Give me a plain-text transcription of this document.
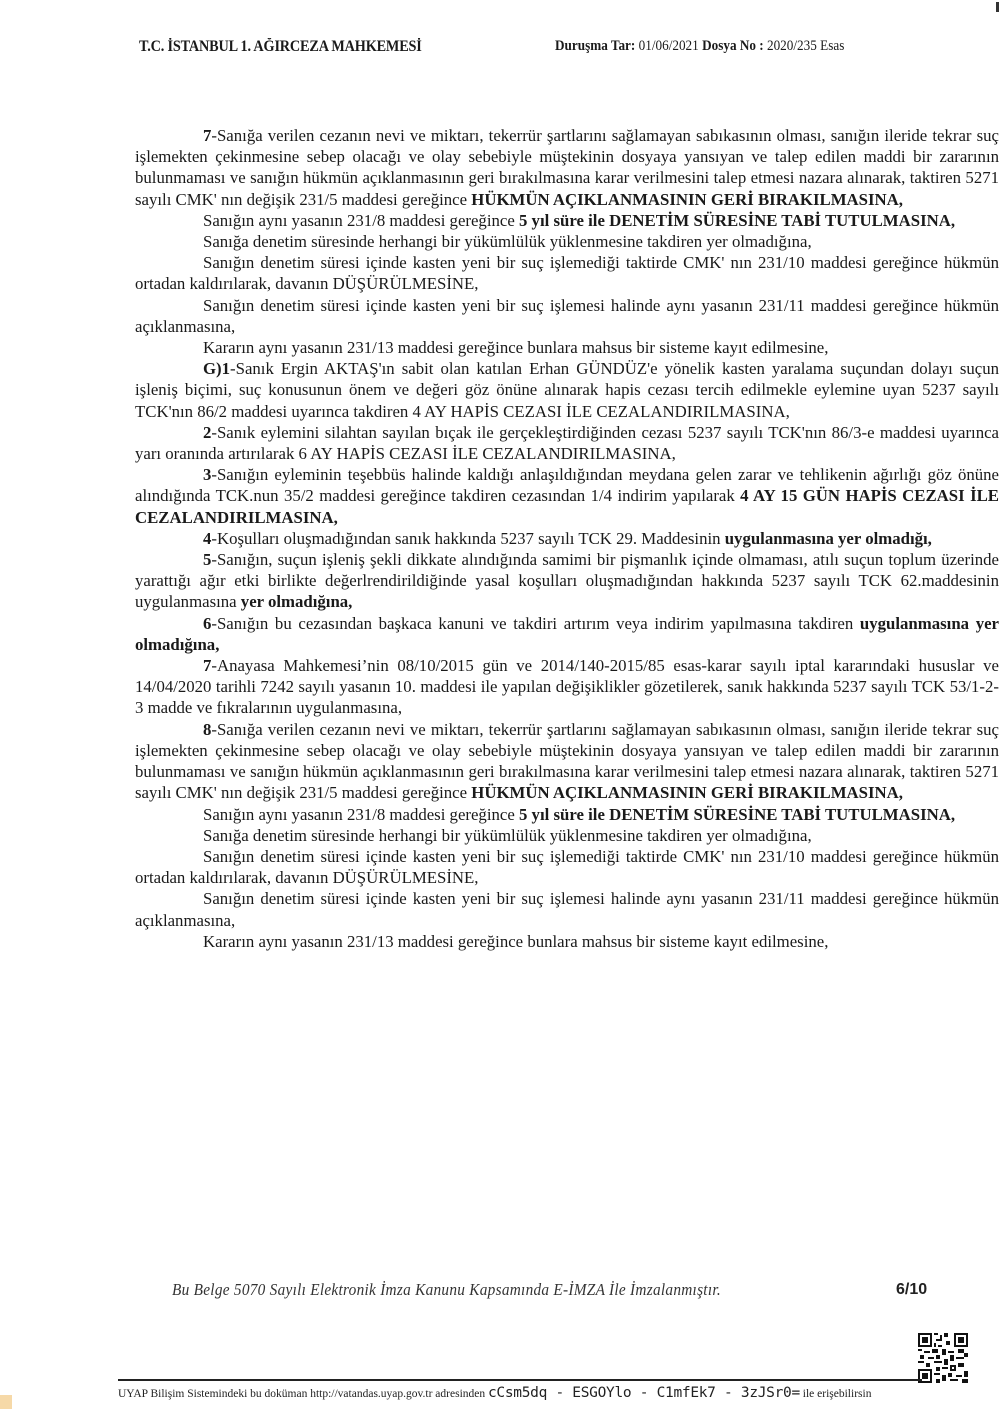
T.C. İSTANBUL 1. AĞIRCEZA MAHKEMESİ	Duruşma Tar: 01/06/2021 Dosya No : 2020/235 Esas

7-Sanığa verilen cezanın nevi ve miktarı, tekerrür şartlarını sağlamayan sabıkasının olması, sanığın ileride tekrar suç işlemekten çekinmesine sebep olacağı ve olay sebebiyle müştekinin dosyaya yansıyan ve talep edilen maddi bir zararının bulunmaması ve sanığın hükmün açıklanmasının geri bırakılmasına karar verilmesini talep etmesi nazara alınarak, taktiren 5271 sayılı CMK' nın değişik 231/5 maddesi gereğince HÜKMÜN AÇIKLANMASININ GERİ BIRAKILMASINA,

Sanığın aynı yasanın 231/8 maddesi gereğince 5 yıl süre ile DENETİM SÜRESİNE TABİ TUTULMASINA,

Sanığa denetim süresinde herhangi bir yükümlülük yüklenmesine takdiren yer olmadığına,

Sanığın denetim süresi içinde kasten yeni bir suç işlemediği taktirde CMK' nın 231/10 maddesi gereğince hükmün ortadan kaldırılarak, davanın DÜŞÜRÜLMESİNE,

Sanığın denetim süresi içinde kasten yeni bir suç işlemesi halinde aynı yasanın 231/11 maddesi gereğince hükmün açıklanmasına,

Kararın aynı yasanın 231/13 maddesi gereğince bunlara mahsus bir sisteme kayıt edilmesine,

G)1-Sanık Ergin AKTAŞ'ın sabit olan katılan Erhan GÜNDÜZ'e yönelik kasten yaralama suçundan dolayı suçun işleniş biçimi, suç konusunun önem ve değeri göz önüne alınarak hapis cezası tercih edilmekle eylemine uyan 5237 sayılı TCK'nın 86/2 maddesi uyarınca takdiren 4 AY HAPİS CEZASI İLE CEZALANDIRILMASINA,

2-Sanık eylemini silahtan sayılan bıçak ile gerçekleştirdiğinden cezası 5237 sayılı TCK'nın 86/3-e maddesi uyarınca yarı oranında artırılarak 6 AY HAPİS CEZASI İLE CEZALANDIRILMASINA,

3-Sanığın eyleminin teşebbüs halinde kaldığı anlaşıldığından meydana gelen zarar ve tehlikenin ağırlığı göz önüne alındığında TCK.nun 35/2 maddesi gereğince takdiren cezasından 1/4 indirim yapılarak 4 AY 15 GÜN HAPİS CEZASI İLE CEZALANDIRILMASINA,

4-Koşulları oluşmadığından sanık hakkında 5237 sayılı TCK 29. Maddesinin uygulanmasına yer olmadığı,

5-Sanığın, suçun işleniş şekli dikkate alındığında samimi bir pişmanlık içinde olmaması, atılı suçun toplum üzerinde yarattığı ağır etki birlikte değerlrendirildiğinde yasal koşulları oluşmadığından hakkında 5237 sayılı TCK 62.maddesinin uygulanmasına yer olmadığına,

6-Sanığın bu cezasından başkaca kanuni ve takdiri artırım veya indirim yapılmasına takdiren uygulanmasına yer olmadığına,

7-Anayasa Mahkemesi’nin 08/10/2015 gün ve 2014/140-2015/85 esas-karar sayılı iptal kararındaki hususlar ve 14/04/2020 tarihli 7242 sayılı yasanın 10. maddesi ile yapılan değişiklikler gözetilerek, sanık hakkında 5237 sayılı TCK 53/1-2-3 madde ve fıkralarının uygulanmasına,

8-Sanığa verilen cezanın nevi ve miktarı, tekerrür şartlarını sağlamayan sabıkasının olması, sanığın ileride tekrar suç işlemekten çekinmesine sebep olacağı ve olay sebebiyle müştekinin dosyaya yansıyan ve talep edilen maddi bir zararının bulunmaması ve sanığın hükmün açıklanmasının geri bırakılmasına karar verilmesini talep etmesi nazara alınarak, taktiren 5271 sayılı CMK' nın değişik 231/5 maddesi gereğince HÜKMÜN AÇIKLANMASININ GERİ BIRAKILMASINA,

Sanığın aynı yasanın 231/8 maddesi gereğince 5 yıl süre ile DENETİM SÜRESİNE TABİ TUTULMASINA,

Sanığa denetim süresinde herhangi bir yükümlülük yüklenmesine takdiren yer olmadığına,

Sanığın denetim süresi içinde kasten yeni bir suç işlemediği taktirde CMK' nın 231/10 maddesi gereğince hükmün ortadan kaldırılarak, davanın DÜŞÜRÜLMESİNE,

Sanığın denetim süresi içinde kasten yeni bir suç işlemesi halinde aynı yasanın 231/11 maddesi gereğince hükmün açıklanmasına,

Kararın aynı yasanın 231/13 maddesi gereğince bunlara mahsus bir sisteme kayıt edilmesine,

Bu Belge 5070 Sayılı Elektronik İmza Kanunu Kapsamında E-İMZA İle İmzalanmıştır.	6/10
UYAP Bilişim Sistemindeki bu doküman http://vatandas.uyap.gov.tr adresinden cCsm5dq - ESGOYlo - C1mfEk7 - 3zJSr0= ile erişebilirsin
